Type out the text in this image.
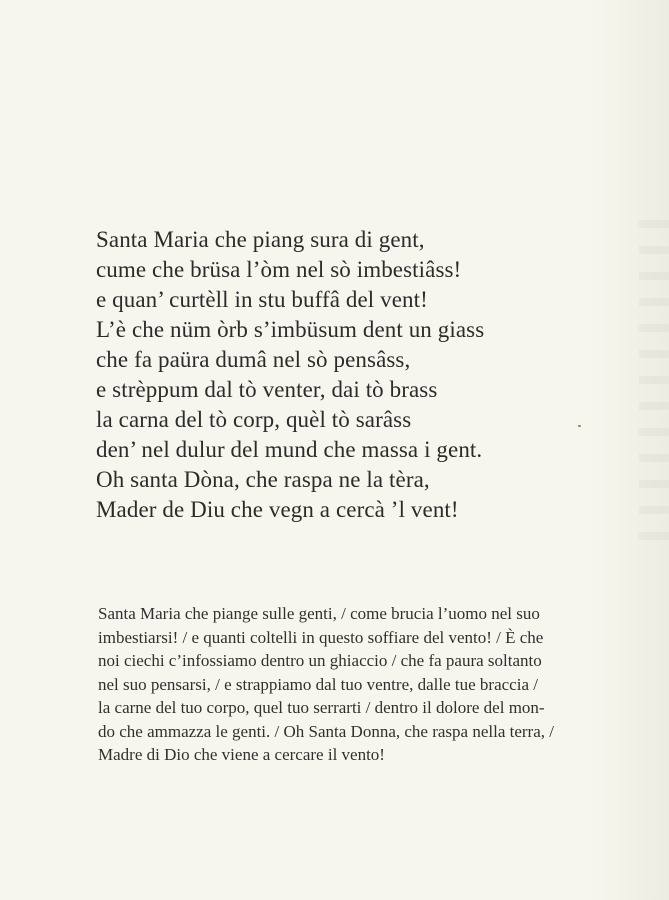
Santa Maria che piang sura di gent,
cume che brüsa l’òm nel sò imbestiâss!
e quan’ curtèll in stu buffâ del vent!
L’è che nüm òrb s’imbüsum dent un giass
che fa paüra dumâ nel sò pensâss,
e strèppum dal tò venter, dai tò brass
la carna del tò corp, quèl tò sarâss
den’ nel dulur del mund che massa i gent.
Oh santa Dòna, che raspa ne la tèra,
Mader de Diu che vegn a cercà ’l vent!
Santa Maria che piange sulle genti, / come brucia l’uomo nel suo
imbestiarsi! / e quanti coltelli in questo soffiare del vento! / È che
noi ciechi c’infossiamo dentro un ghiaccio / che fa paura soltanto
nel suo pensarsi, / e strappiamo dal tuo ventre, dalle tue braccia /
la carne del tuo corpo, quel tuo serrarti / dentro il dolore del mon-
do che ammazza le genti. / Oh Santa Donna, che raspa nella terra, /
Madre di Dio che viene a cercare il vento!
